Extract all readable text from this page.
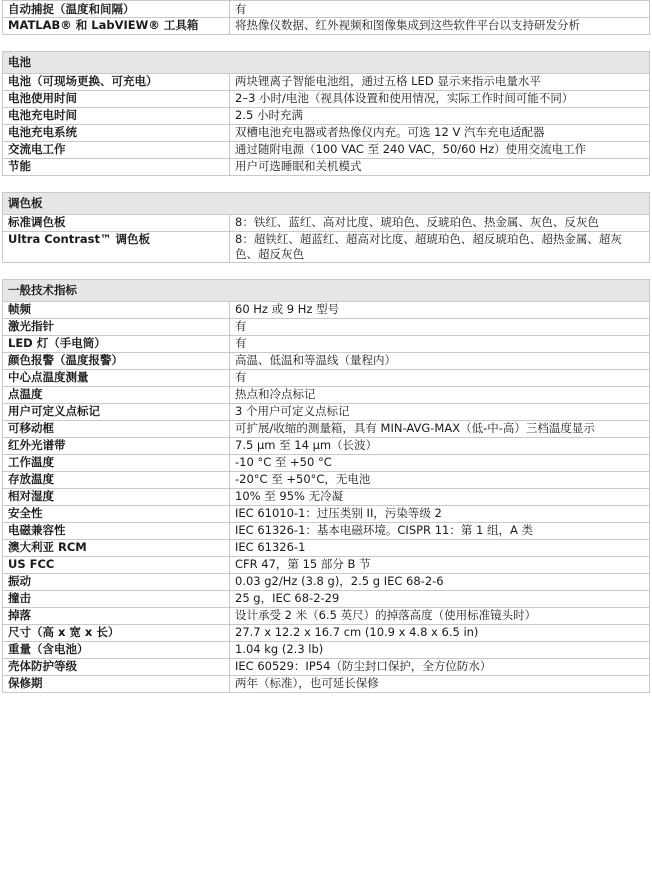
自动捕捉（温度和间隔）	有
MATLAB® 和 LabVIEW® 工具箱	将热像仪数据、红外视频和图像集成到这些软件平台以支持研发分析

电池	
电池（可现场更换、可充电）	两块锂离子智能电池组，通过五格 LED 显示来指示电量水平
电池使用时间	2–3 小时/电池（视具体设置和使用情况，实际工作时间可能不同）
电池充电时间	2.5 小时充满
电池充电系统	双槽电池充电器或者热像仪内充。可选 12 V 汽车充电适配器
交流电工作	通过随附电源（100 VAC 至 240 VAC，50/60 Hz）使用交流电工作
节能	用户可选睡眠和关机模式

调色板	
标准调色板	8：铁红、蓝红、高对比度、琥珀色、反琥珀色、热金属、灰色、反灰色
Ultra Contrast™ 调色板	8：超铁红、超蓝红、超高对比度、超琥珀色、超反琥珀色、超热金属、超灰色、超反灰色

一般技术指标	
帧频	60 Hz 或 9 Hz 型号
激光指针	有
LED 灯（手电筒）	有
颜色报警（温度报警）	高温、低温和等温线（量程内）
中心点温度测量	有
点温度	热点和冷点标记
用户可定义点标记	3 个用户可定义点标记
可移动框	可扩展/收缩的测量箱，具有 MIN-AVG-MAX（低-中-高）三档温度显示
红外光谱带	7.5 μm 至 14 μm（长波）
工作温度	-10 °C 至 +50 °C
存放温度	-20°C 至 +50°C，无电池
相对湿度	10% 至 95% 无冷凝
安全性	IEC 61010-1：过压类别 II，污染等级 2
电磁兼容性	IEC 61326-1：基本电磁环境。CISPR 11：第 1 组，A 类
澳大利亚 RCM	IEC 61326-1
US FCC	CFR 47，第 15 部分 B 节
振动	0.03 g2/Hz (3.8 g)，2.5 g IEC 68-2-6
撞击	25 g，IEC 68-2-29
掉落	设计承受 2 米（6.5 英尺）的掉落高度（使用标准镜头时）
尺寸（高 x 宽 x 长）	27.7 x 12.2 x 16.7 cm (10.9 x 4.8 x 6.5 in)
重量（含电池）	1.04 kg (2.3 lb)
壳体防护等级	IEC 60529：IP54（防尘封口保护，全方位防水）
保修期	两年（标准），也可延长保修
